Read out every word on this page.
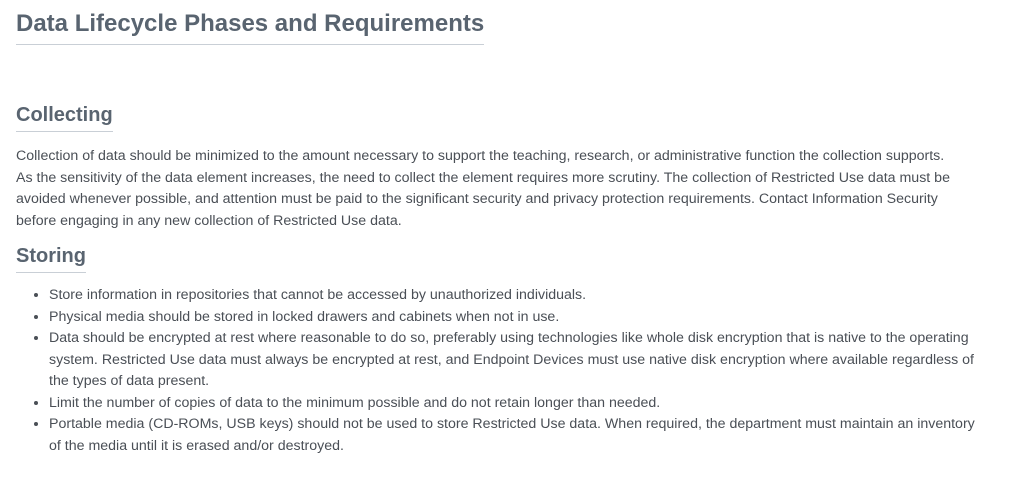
Data Lifecycle Phases and Requirements
Collecting

Collection of data should be minimized to the amount necessary to support the teaching, research, or administrative function the collection supports. As the sensitivity of the data element increases, the need to collect the element requires more scrutiny. The collection of Restricted Use data must be avoided whenever possible, and attention must be paid to the significant security and privacy protection requirements. Contact Information Security before engaging in any new collection of Restricted Use data.

Storing
• Store information in repositories that cannot be accessed by unauthorized individuals.
• Physical media should be stored in locked drawers and cabinets when not in use.
• Data should be encrypted at rest where reasonable to do so, preferably using technologies like whole disk encryption that is native to the operating system. Restricted Use data must always be encrypted at rest, and Endpoint Devices must use native disk encryption where available regardless of the types of data present.
• Limit the number of copies of data to the minimum possible and do not retain longer than needed.
• Portable media (CD-ROMs, USB keys) should not be used to store Restricted Use data. When required, the department must maintain an inventory of the media until it is erased and/or destroyed.
